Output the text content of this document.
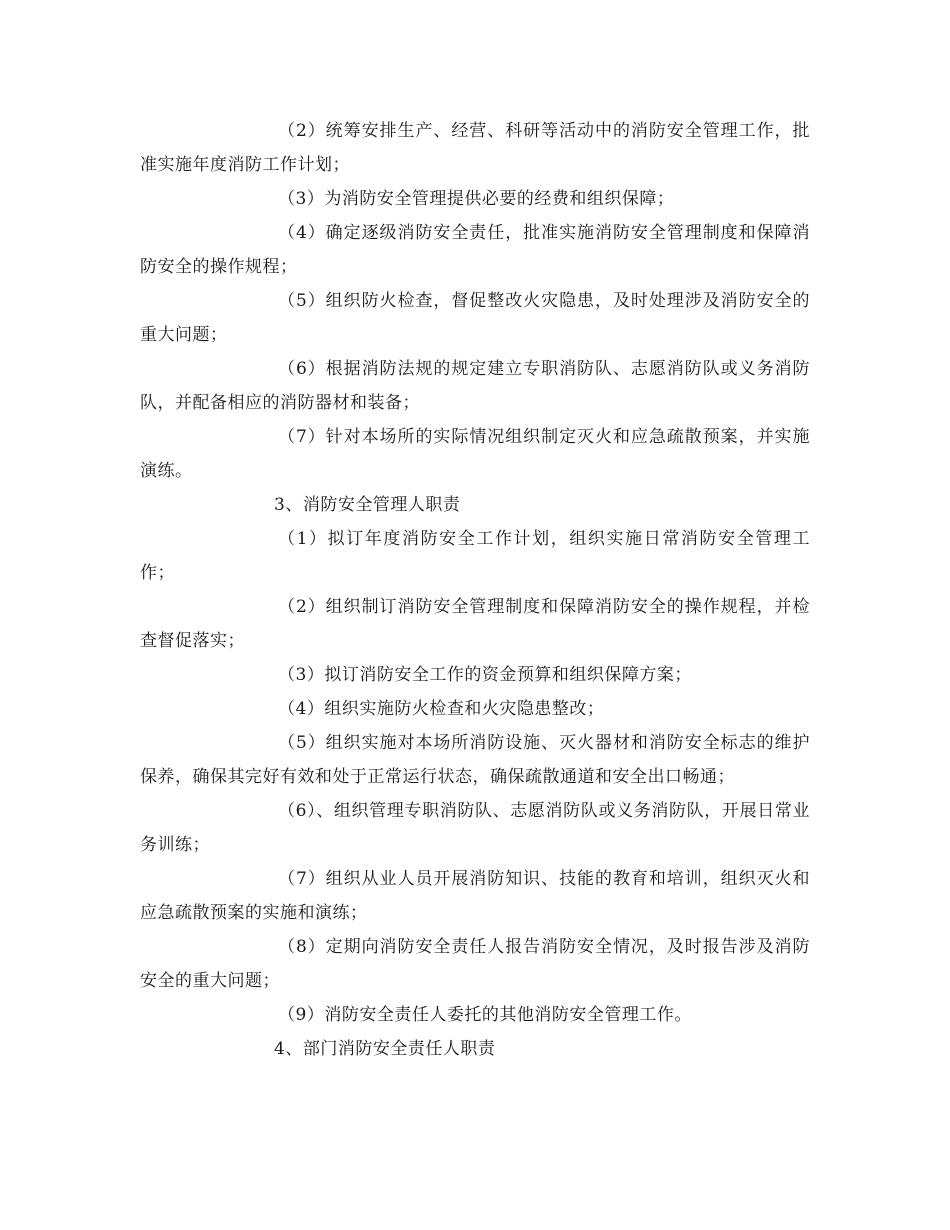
（2）统筹安排生产、经营、科研等活动中的消防安全管理工作，批准实施年度消防工作计划；

（3）为消防安全管理提供必要的经费和组织保障；

（4）确定逐级消防安全责任，批准实施消防安全管理制度和保障消防安全的操作规程；

（5）组织防火检查，督促整改火灾隐患，及时处理涉及消防安全的重大问题；

（6）根据消防法规的规定建立专职消防队、志愿消防队或义务消防队，并配备相应的消防器材和装备；

（7）针对本场所的实际情况组织制定灭火和应急疏散预案，并实施演练。

3、消防安全管理人职责

（1）拟订年度消防安全工作计划，组织实施日常消防安全管理工作；

（2）组织制订消防安全管理制度和保障消防安全的操作规程，并检查督促落实；

（3）拟订消防安全工作的资金预算和组织保障方案；

（4）组织实施防火检查和火灾隐患整改；

（5）组织实施对本场所消防设施、灭火器材和消防安全标志的维护保养，确保其完好有效和处于正常运行状态，确保疏散通道和安全出口畅通；

（6）、组织管理专职消防队、志愿消防队或义务消防队，开展日常业务训练；

（7）组织从业人员开展消防知识、技能的教育和培训，组织灭火和应急疏散预案的实施和演练；

（8）定期向消防安全责任人报告消防安全情况，及时报告涉及消防安全的重大问题；

（9）消防安全责任人委托的其他消防安全管理工作。

4、部门消防安全责任人职责
